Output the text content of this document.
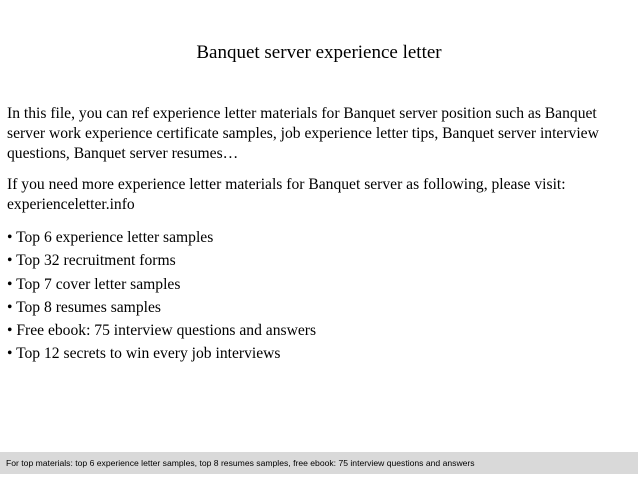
Banquet server experience letter

In this file, you can ref experience letter materials for Banquet server position such as Banquet server work experience certificate samples, job experience letter tips, Banquet server interview questions, Banquet server resumes…

If you need more experience letter materials for Banquet server as following, please visit: experienceletter.info

• Top 6 experience letter samples
• Top 32 recruitment forms
• Top 7 cover letter samples
• Top 8 resumes samples
• Free ebook: 75 interview questions and answers
• Top 12 secrets to win every job interviews
For top materials: top 6 experience letter samples, top 8 resumes samples, free ebook: 75 interview questions and answers
